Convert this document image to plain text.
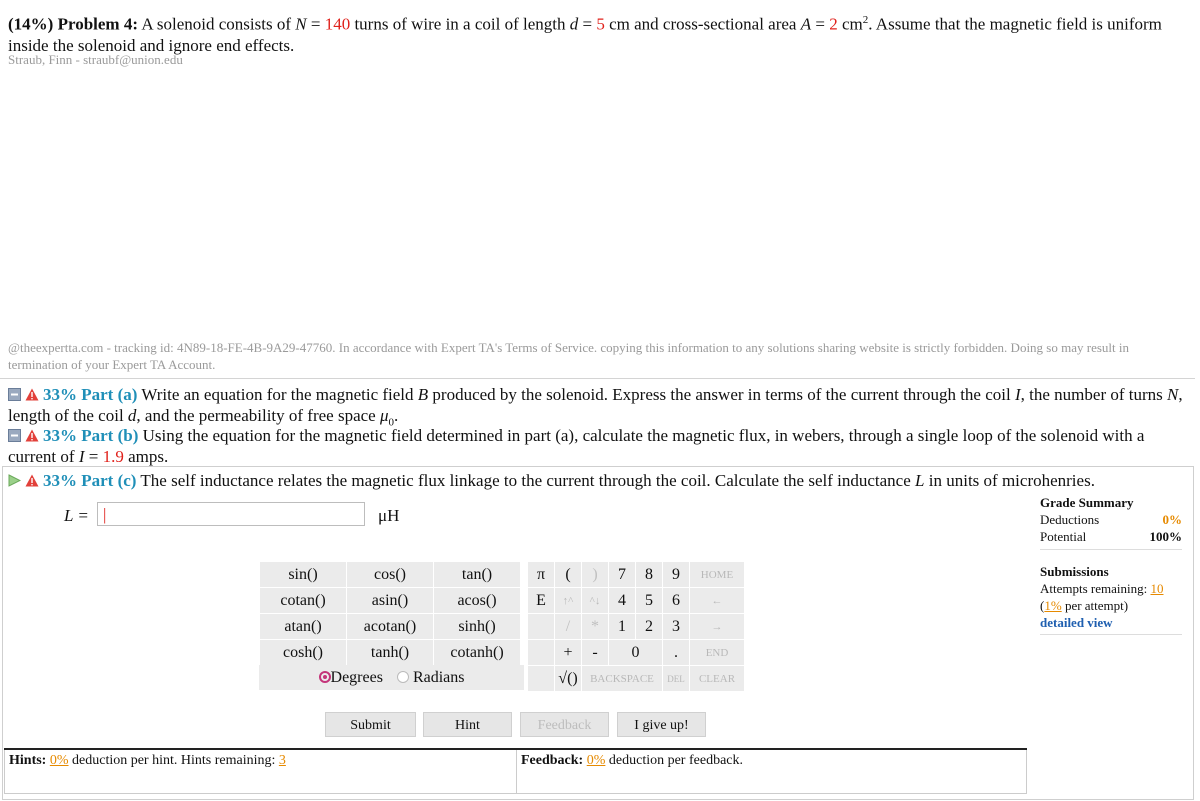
(14%) Problem 4: A solenoid consists of N = 140 turns of wire in a coil of length d = 5 cm and cross-sectional area A = 2 $cm^2$. Assume that the magnetic field is uniform inside the solenoid and ignore end effects.
Straub, Finn - straubf@union.edu
@theexpertta.com - tracking id: 4N89-18-FE-4B-9A29-47760. In accordance with Expert TA's Terms of Service. copying this information to any solutions sharing website is strictly forbidden. Doing so may result in termination of your Expert TA Account.
33% Part (a) Write an equation for the magnetic field B produced by the solenoid. Express the answer in terms of the current through the coil I, the number of turns N, length of the coil d, and the permeability of free space $\mu_0$.
33% Part (b) Using the equation for the magnetic field determined in part (a), calculate the magnetic flux, in webers, through a single loop of the solenoid with a current of I = 1.9 amps.
33% Part (c) The self inductance relates the magnetic flux linkage to the current through the coil. Calculate the self inductance L in units of microhenries.
L = |	μH
Grade Summary
Deductions	0%
Potential	100%
Submissions
Attempts remaining: 10
(1% per attempt)
detailed view
sin()	cos()	tan()
cotan()	asin()	acos()
atan()	acotan()	sinh()
cosh()	tanh()	cotanh()
Degrees Radians
π	(	)	7	8	9	HOME
E	↑^	^↓	4	5	6	←
	/	*	1	2	3	→
	+	-	0		.	END
	√()	BACKSPACE			DEL	CLEAR
Submit	Hint	Feedback	I give up!
Hints: 0% deduction per hint. Hints remaining: 3	Feedback: 0% deduction per feedback.
